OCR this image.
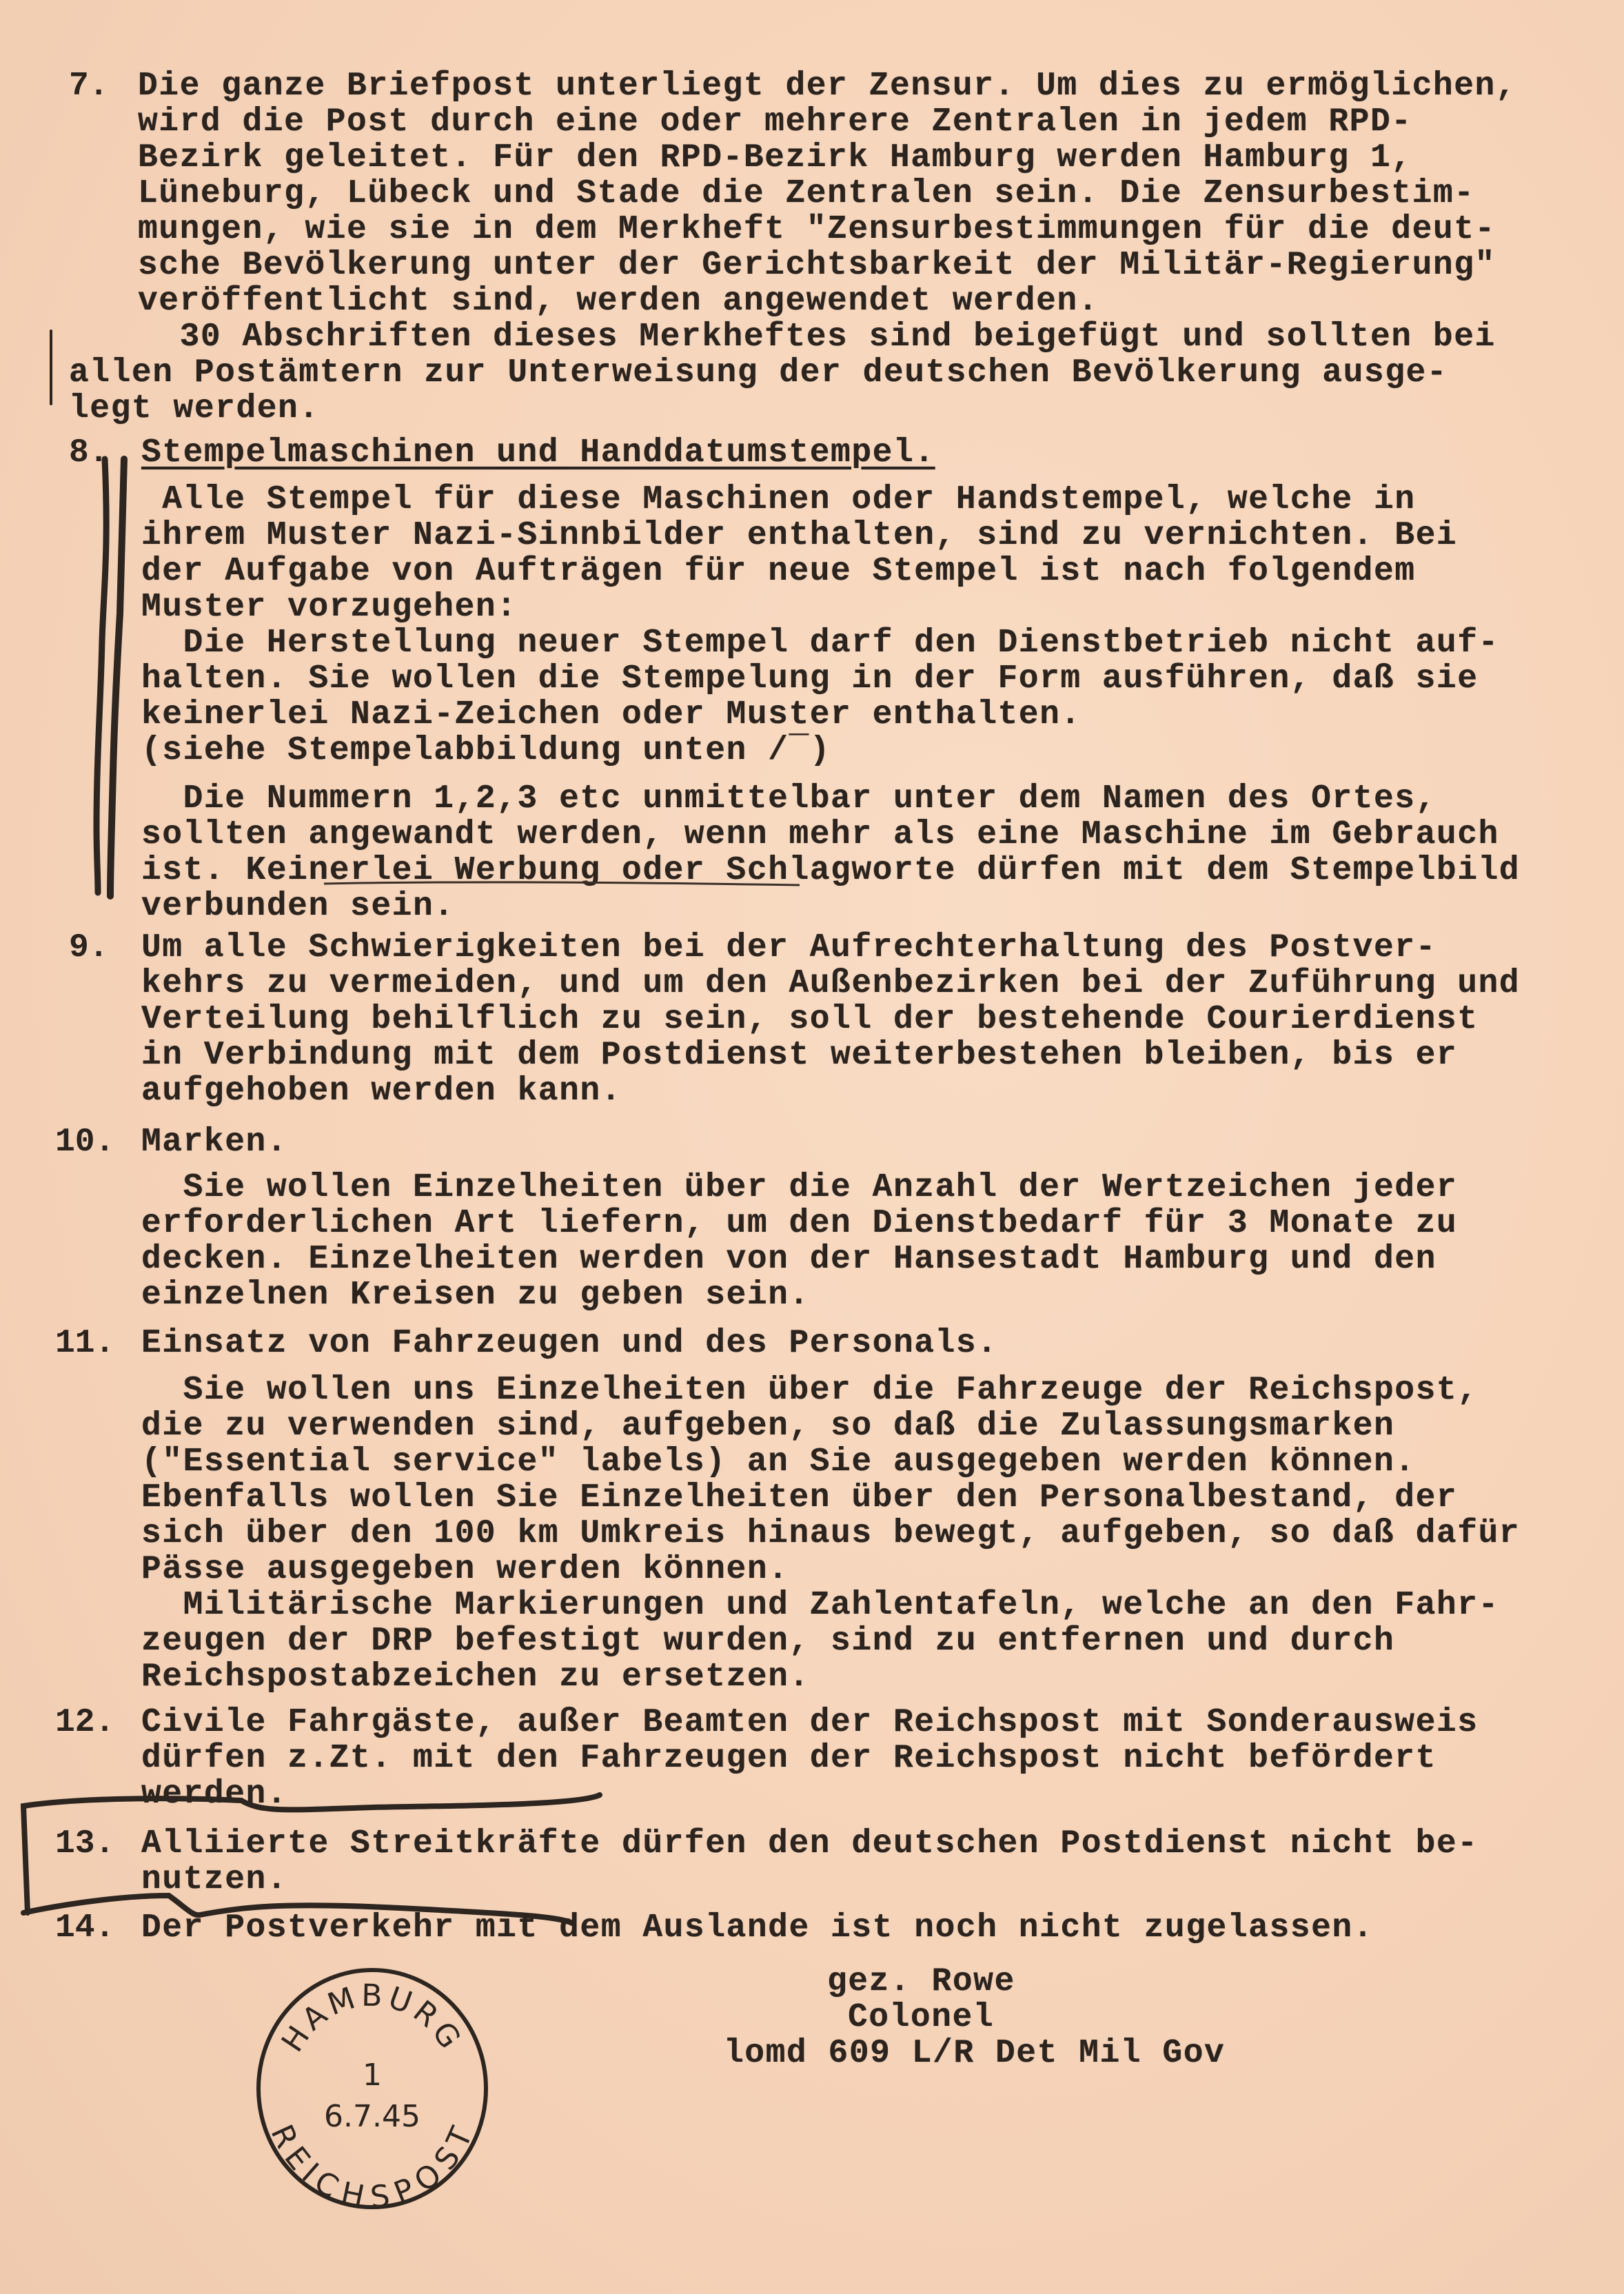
7. Die ganze Briefpost unterliegt der Zensur. Um dies zu ermöglichen,
wird die Post durch eine oder mehrere Zentralen in jedem RPD-
Bezirk geleitet. Für den RPD-Bezirk Hamburg werden Hamburg 1,
Lüneburg, Lübeck und Stade die Zentralen sein. Die Zensurbestim-
mungen, wie sie in dem Merkheft "Zensurbestimmungen für die deut-
sche Bevölkerung unter der Gerichtsbarkeit der Militär-Regierung"
veröffentlicht sind, werden angewendet werden.
30 Abschriften dieses Merkheftes sind beigefügt und sollten bei
allen Postämtern zur Unterweisung der deutschen Bevölkerung ausge-
legt werden.
8. Stempelmaschinen und Handdatumstempel.
Alle Stempel für diese Maschinen oder Handstempel, welche in
ihrem Muster Nazi-Sinnbilder enthalten, sind zu vernichten. Bei
der Aufgabe von Aufträgen für neue Stempel ist nach folgendem
Muster vorzugehen:
Die Herstellung neuer Stempel darf den Dienstbetrieb nicht auf-
halten. Sie wollen die Stempelung in der Form ausführen, daß sie
keinerlei Nazi-Zeichen oder Muster enthalten.
(siehe Stempelabbildung unten /¯)
Die Nummern 1,2,3 etc unmittelbar unter dem Namen des Ortes,
sollten angewandt werden, wenn mehr als eine Maschine im Gebrauch
ist. Keinerlei Werbung oder Schlagworte dürfen mit dem Stempelbild
verbunden sein.
9. Um alle Schwierigkeiten bei der Aufrechterhaltung des Postver-
kehrs zu vermeiden, und um den Außenbezirken bei der Zuführung und
Verteilung behilflich zu sein, soll der bestehende Courierdienst
in Verbindung mit dem Postdienst weiterbestehen bleiben, bis er
aufgehoben werden kann.
10. Marken.
Sie wollen Einzelheiten über die Anzahl der Wertzeichen jeder
erforderlichen Art liefern, um den Dienstbedarf für 3 Monate zu
decken. Einzelheiten werden von der Hansestadt Hamburg und den
einzelnen Kreisen zu geben sein.
11. Einsatz von Fahrzeugen und des Personals.
Sie wollen uns Einzelheiten über die Fahrzeuge der Reichspost,
die zu verwenden sind, aufgeben, so daß die Zulassungsmarken
("Essential service" labels) an Sie ausgegeben werden können.
Ebenfalls wollen Sie Einzelheiten über den Personalbestand, der
sich über den 100 km Umkreis hinaus bewegt, aufgeben, so daß dafür
Pässe ausgegeben werden können.
Militärische Markierungen und Zahlentafeln, welche an den Fahr-
zeugen der DRP befestigt wurden, sind zu entfernen und durch
Reichspostabzeichen zu ersetzen.
12. Civile Fahrgäste, außer Beamten der Reichspost mit Sonderausweis
dürfen z.Zt. mit den Fahrzeugen der Reichspost nicht befördert
werden.
13. Alliierte Streitkräfte dürfen den deutschen Postdienst nicht be-
nutzen.
14. Der Postverkehr mit dem Auslande ist noch nicht zugelassen.
gez. Rowe
Colonel
lomd 609 L/R Det Mil Gov
HAMBURG
REICHSPOST
1
6.7.45
